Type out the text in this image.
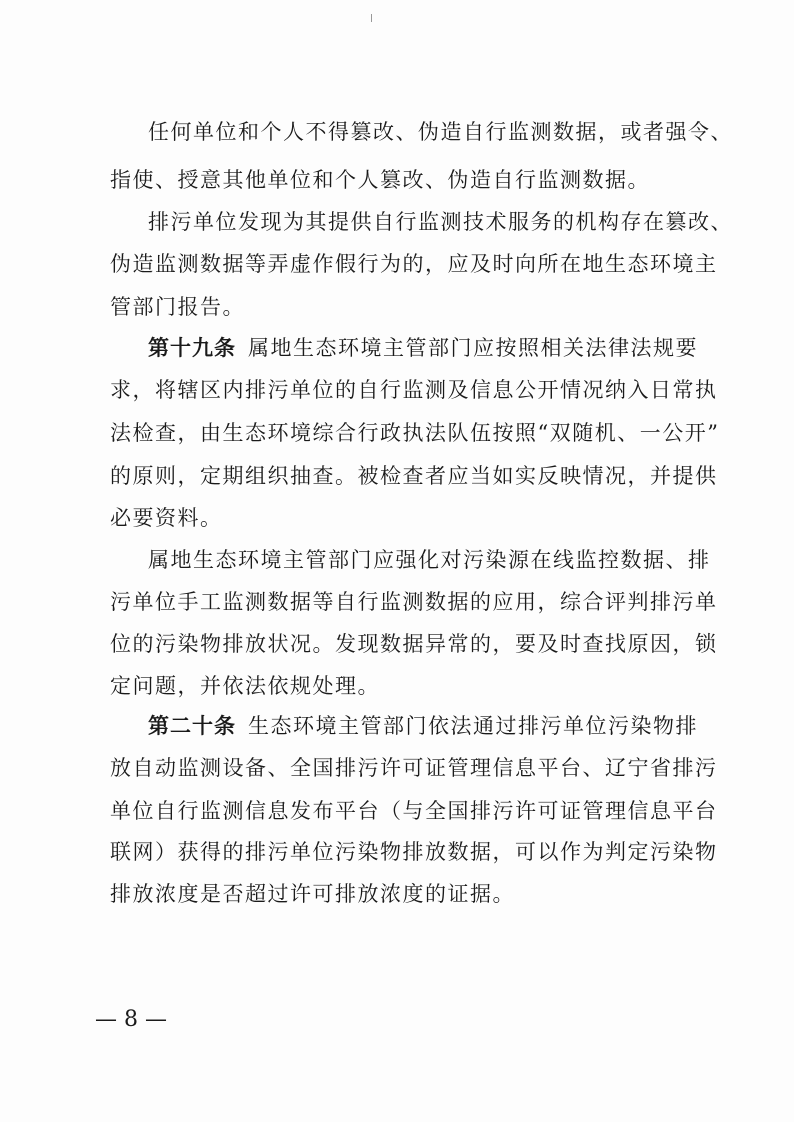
任何单位和个人不得篡改、伪造自行监测数据，或者强令、
指使、授意其他单位和个人篡改、伪造自行监测数据。
排污单位发现为其提供自行监测技术服务的机构存在篡改、
伪造监测数据等弄虚作假行为的，应及时向所在地生态环境主
管部门报告。
第十九条 属地生态环境主管部门应按照相关法律法规要
求，将辖区内排污单位的自行监测及信息公开情况纳入日常执
法检查，由生态环境综合行政执法队伍按照“双随机、一公开”
的原则，定期组织抽查。被检查者应当如实反映情况，并提供
必要资料。
属地生态环境主管部门应强化对污染源在线监控数据、排
污单位手工监测数据等自行监测数据的应用，综合评判排污单
位的污染物排放状况。发现数据异常的，要及时查找原因，锁
定问题，并依法依规处理。
第二十条 生态环境主管部门依法通过排污单位污染物排
放自动监测设备、全国排污许可证管理信息平台、辽宁省排污
单位自行监测信息发布平台（与全国排污许可证管理信息平台
联网）获得的排污单位污染物排放数据，可以作为判定污染物
排放浓度是否超过许可排放浓度的证据。
— 8 —
